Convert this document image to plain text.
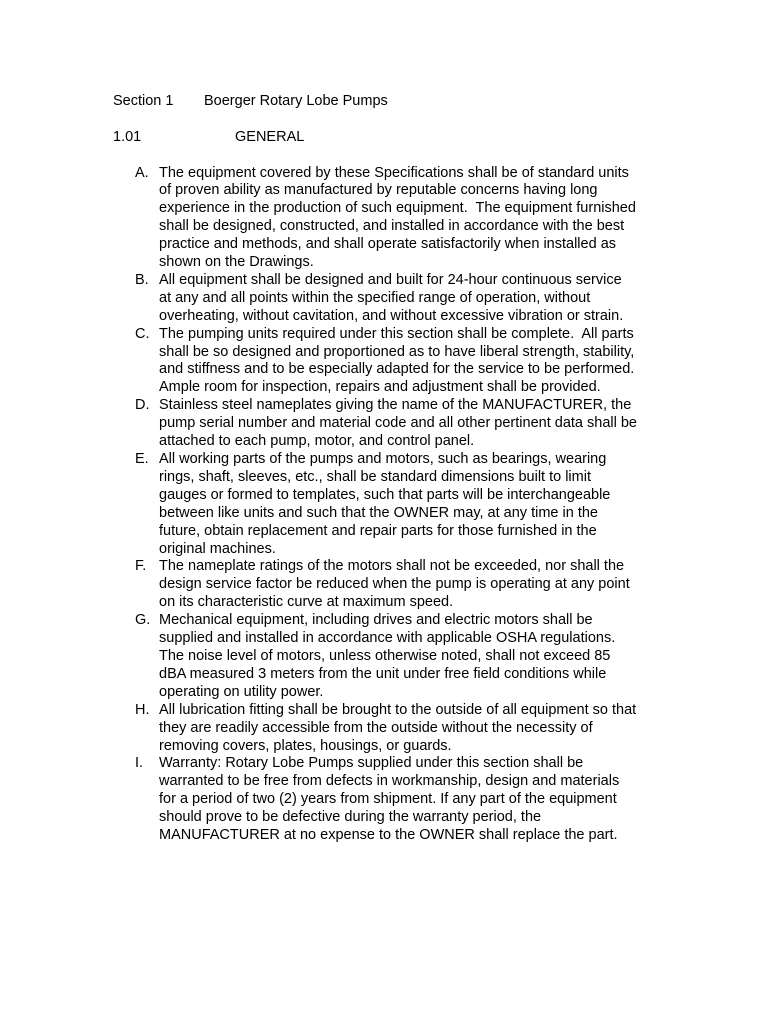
Section 1 Boerger Rotary Lobe Pumps
1.01	GENERAL
A. The equipment covered by these Specifications shall be of standard units
of proven ability as manufactured by reputable concerns having long
experience in the production of such equipment.  The equipment furnished
shall be designed, constructed, and installed in accordance with the best
practice and methods, and shall operate satisfactorily when installed as
shown on the Drawings.
B. All equipment shall be designed and built for 24-hour continuous service
at any and all points within the specified range of operation, without
overheating, without cavitation, and without excessive vibration or strain.
C. The pumping units required under this section shall be complete.  All parts
shall be so designed and proportioned as to have liberal strength, stability,
and stiffness and to be especially adapted for the service to be performed.
Ample room for inspection, repairs and adjustment shall be provided.
D. Stainless steel nameplates giving the name of the MANUFACTURER, the
pump serial number and material code and all other pertinent data shall be
attached to each pump, motor, and control panel.
E. All working parts of the pumps and motors, such as bearings, wearing
rings, shaft, sleeves, etc., shall be standard dimensions built to limit
gauges or formed to templates, such that parts will be interchangeable
between like units and such that the OWNER may, at any time in the
future, obtain replacement and repair parts for those furnished in the
original machines.
F. The nameplate ratings of the motors shall not be exceeded, nor shall the
design service factor be reduced when the pump is operating at any point
on its characteristic curve at maximum speed.
G. Mechanical equipment, including drives and electric motors shall be
supplied and installed in accordance with applicable OSHA regulations.
The noise level of motors, unless otherwise noted, shall not exceed 85
dBA measured 3 meters from the unit under free field conditions while
operating on utility power.
H. All lubrication fitting shall be brought to the outside of all equipment so that
they are readily accessible from the outside without the necessity of
removing covers, plates, housings, or guards.
I. Warranty: Rotary Lobe Pumps supplied under this section shall be
warranted to be free from defects in workmanship, design and materials
for a period of two (2) years from shipment. If any part of the equipment
should prove to be defective during the warranty period, the
MANUFACTURER at no expense to the OWNER shall replace the part.
